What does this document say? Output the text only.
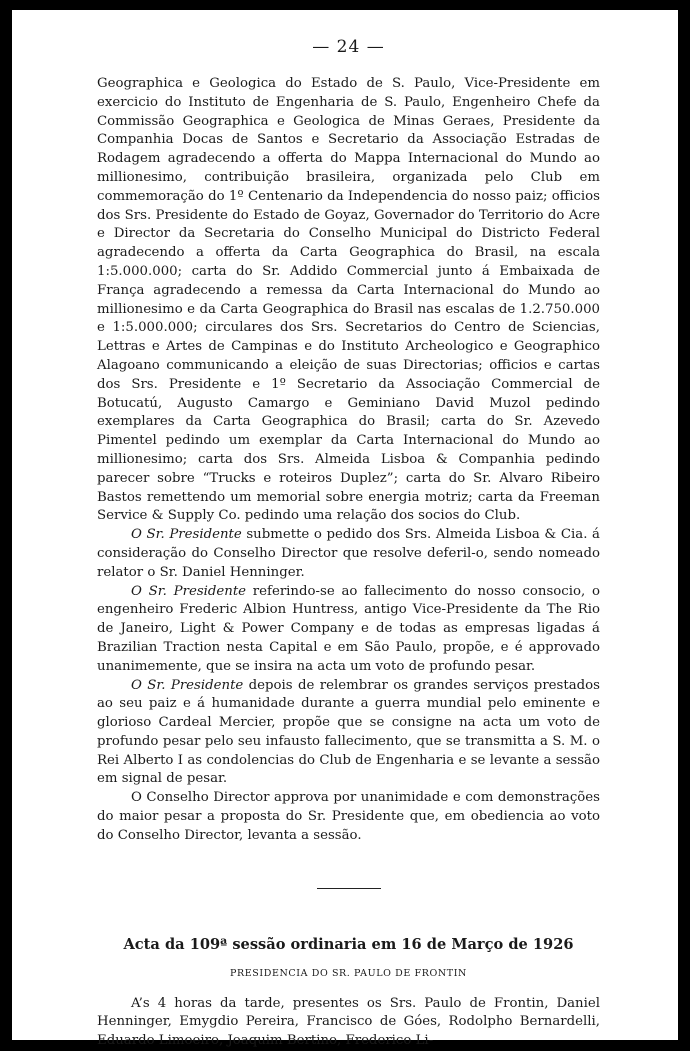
— 24 —

Geographica e Geologica do Estado de S. Paulo, Vice-Presidente em exercicio do Instituto de Engenharia de S. Paulo, Engenheiro Chefe da Commissão Geographica e Geologica de Minas Geraes, Presidente da Companhia Docas de Santos e Secretario da Associação Estradas de Rodagem agradecendo a offerta do Mappa Internacional do Mundo ao millionesimo, contribuição brasileira, organizada pelo Club em commemoração do 1º Centenario da Independencia do nosso paiz; officios dos Srs. Presidente do Estado de Goyaz, Governador do Territorio do Acre e Director da Secretaria do Conselho Municipal do Districto Federal agradecendo a offerta da Carta Geographica do Brasil, na escala 1:5.000.000; carta do Sr. Addido Commercial junto á Embaixada de França agradecendo a remessa da Carta Internacional do Mundo ao millionesimo e da Carta Geographica do Brasil nas escalas de 1.2.750.000 e 1:5.000.000; circulares dos Srs. Secretarios do Centro de Sciencias, Lettras e Artes de Campinas e do Instituto Archeologico e Geographico Alagoano communicando a eleição de suas Directorias; officios e cartas dos Srs. Presidente e 1º Secretario da Associação Commercial de Botucatú, Augusto Camargo e Geminiano David Muzol pedindo exemplares da Carta Geographica do Brasil; carta do Sr. Azevedo Pimentel pedindo um exemplar da Carta Internacional do Mundo ao millionesimo; carta dos Srs. Almeida Lisboa & Companhia pedindo parecer sobre “Trucks e roteiros Duplez”; carta do Sr. Alvaro Ribeiro Bastos remettendo um memorial sobre energia motriz; carta da Freeman Service & Supply Co. pedindo uma relação dos socios do Club.

O Sr. Presidente submette o pedido dos Srs. Almeida Lisboa & Cia. á consideração do Conselho Director que resolve deferil-o, sendo nomeado relator o Sr. Daniel Henninger.

O Sr. Presidente referindo-se ao fallecimento do nosso consocio, o engenheiro Frederic Albion Huntress, antigo Vice-Presidente da The Rio de Janeiro, Light & Power Company e de todas as empresas ligadas á Brazilian Traction nesta Capital e em São Paulo, propõe, e é approvado unanimemente, que se insira na acta um voto de profundo pesar.

O Sr. Presidente depois de relembrar os grandes serviços prestados ao seu paiz e á humanidade durante a guerra mundial pelo eminente e glorioso Cardeal Mercier, propõe que se consigne na acta um voto de profundo pesar pelo seu infausto fallecimento, que se transmitta a S. M. o Rei Alberto I as condolencias do Club de Engenharia e se levante a sessão em signal de pesar.

O Conselho Director approva por unanimidade e com demonstrações do maior pesar a proposta do Sr. Presidente que, em obediencia ao voto do Conselho Director, levanta a sessão.

Acta da 109ª sessão ordinaria em 16 de Março de 1926
PRESIDENCIA DO SR. PAULO DE FRONTIN

A’s 4 horas da tarde, presentes os Srs. Paulo de Frontin, Daniel Henninger, Emygdio Pereira, Francisco de Góes, Rodolpho Bernardelli, Eduardo Limoeiro, Joaquim Bertino, Frederico Li-
